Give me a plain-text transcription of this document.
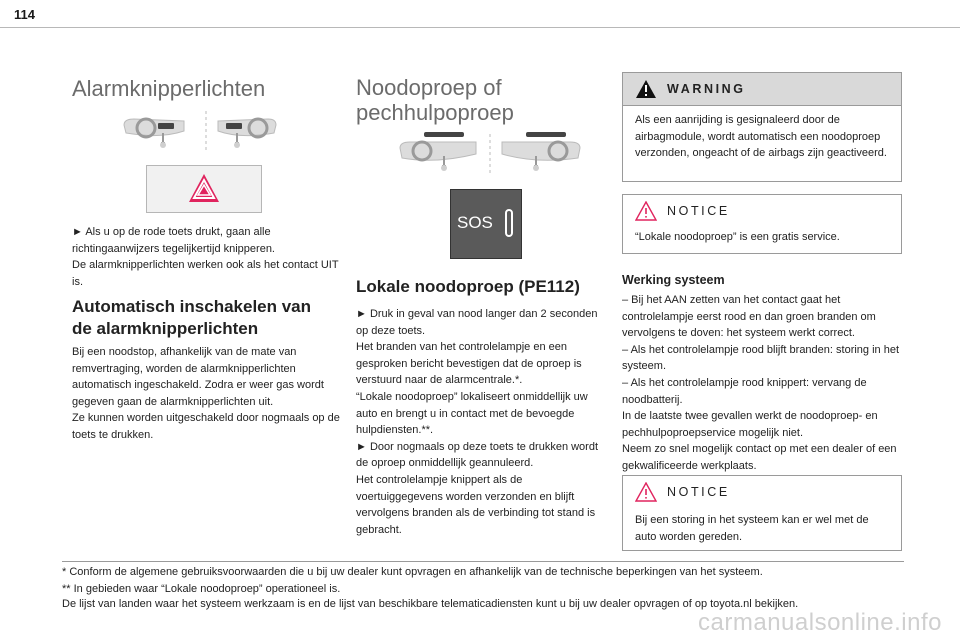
114
Alarmknipperlichten

► Als u op de rode toets drukt, gaan alle richtingaanwijzers tegelijkertijd knipperen.

De alarmknipperlichten werken ook als het contact UIT is.

Automatisch inschakelen van
de alarmknipperlichten

Bij een noodstop, afhankelijk van de mate van remvertraging, worden de alarmknipperlichten automatisch ingeschakeld. Zodra er weer gas wordt gegeven gaan de alarmknipperlichten uit.

Ze kunnen worden uitgeschakeld door nogmaals op de toets te drukken.

Noodoproep of
pechhulpoproep
SOS
Lokale noodoproep (PE112)

► Druk in geval van nood langer dan 2 seconden op deze toets.

Het branden van het controlelampje en een gesproken bericht bevestigen dat de oproep is verstuurd naar de alarmcentrale.*.

“Lokale noodoproep” lokaliseert onmiddellijk uw auto en brengt u in contact met de bevoegde hulpdiensten.**.

► Door nogmaals op deze toets te drukken wordt de oproep onmiddellijk geannuleerd.

Het controlelampje knippert als de voertuiggegevens worden verzonden en blijft vervolgens branden als de verbinding tot stand is gebracht.

WARNING
Als een aanrijding is gesignaleerd door de airbagmodule, wordt automatisch een noodoproep verzonden, ongeacht of de airbags zijn geactiveerd.
NOTICE
“Lokale noodoproep” is een gratis service.
Werking systeem

– Bij het AAN zetten van het contact gaat het controlelampje eerst rood en dan groen branden om vervolgens te doven: het systeem werkt correct.

– Als het controlelampje rood blijft branden: storing in het systeem.

– Als het controlelampje rood knippert: vervang de noodbatterij.

In de laatste twee gevallen werkt de noodoproep- en pechhulpoproepservice mogelijk niet.

Neem zo snel mogelijk contact op met een dealer of een gekwalificeerde werkplaats.

NOTICE
Bij een storing in het systeem kan er wel met de auto worden gereden.
* Conform de algemene gebruiksvoorwaarden die u bij uw dealer kunt opvragen en afhankelijk van de technische beperkingen van het systeem.
** In gebieden waar “Lokale noodoproep” operationeel is.
De lijst van landen waar het systeem werkzaam is en de lijst van beschikbare telematicadiensten kunt u bij uw dealer opvragen of op toyota.nl bekijken.
carmanualsonline.info
